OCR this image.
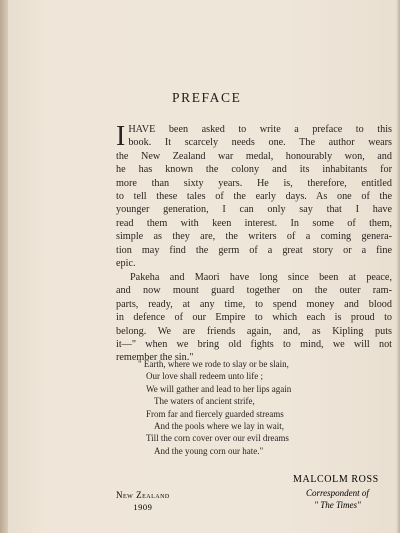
PREFACE
I HAVE been asked to write a preface to this
book. It scarcely needs one. The author wears
the New Zealand war medal, honourably won, and
he has known the colony and its inhabitants for
more than sixty years. He is, therefore, entitled
to tell these tales of the early days. As one of the
younger generation, I can only say that I have
read them with keen interest. In some of them,
simple as they are, the writers of a coming genera-
tion may find the germ of a great story or a fine
epic.
Pakeha and Maori have long since been at peace,
and now mount guard together on the outer ram-
parts, ready, at any time, to spend money and blood
in defence of our Empire to which each is proud to
belong. We are friends again, and, as Kipling puts
it—" when we bring old fights to mind, we will not
remember the sin."
" Earth, where we rode to slay or be slain,
Our love shall redeem unto life ;
We will gather and lead to her lips again
The waters of ancient strife,
From far and fiercely guarded streams
And the pools where we lay in wait,
Till the corn cover over our evil dreams
And the young corn our hate."
MALCOLM ROSS
Correspondent of
" The Times"
New Zealand
1909
